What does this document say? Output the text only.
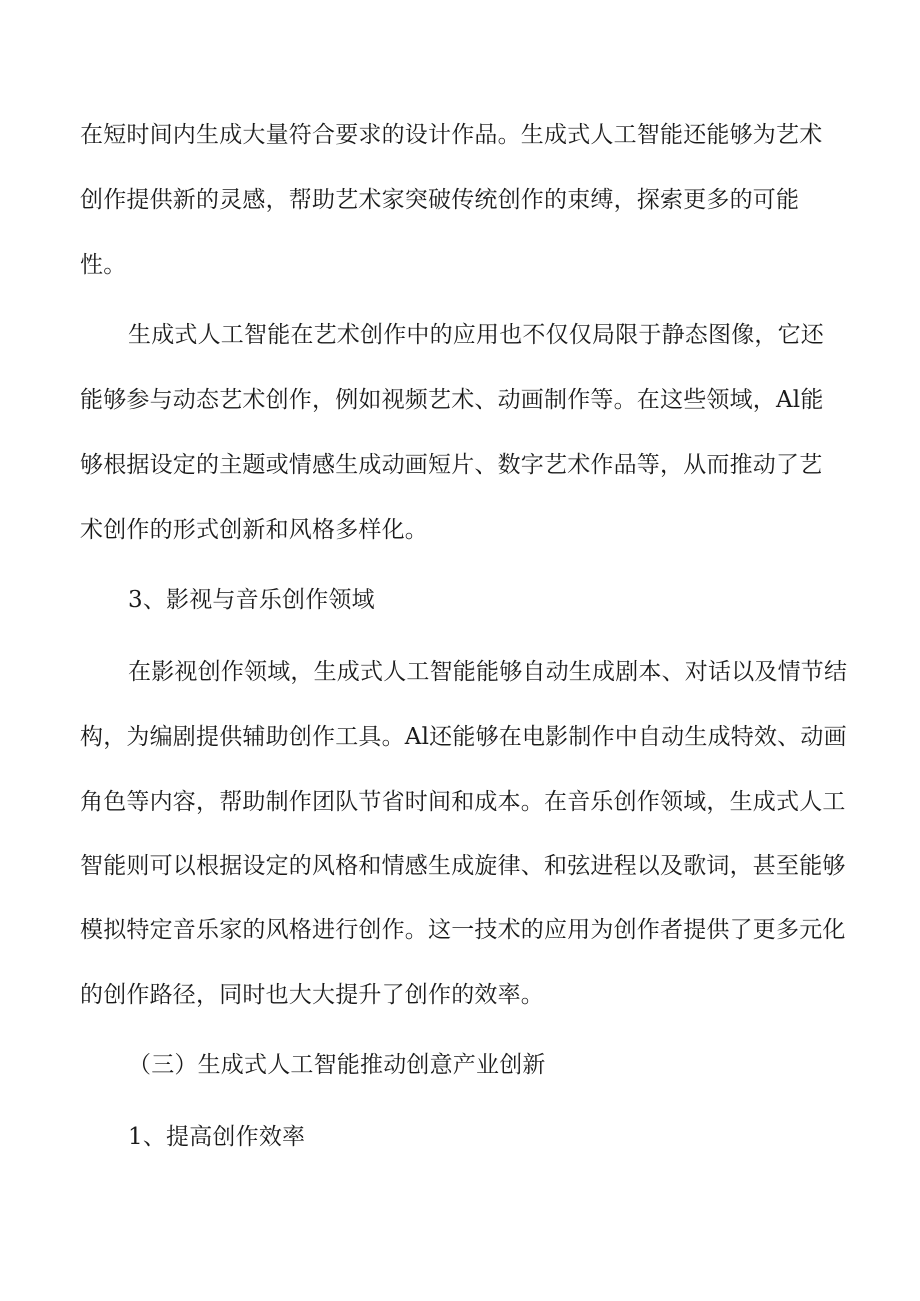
在短时间内生成大量符合要求的设计作品。生成式人工智能还能够为艺术
创作提供新的灵感，帮助艺术家突破传统创作的束缚，探索更多的可能
性。
生成式人工智能在艺术创作中的应用也不仅仅局限于静态图像，它还
能够参与动态艺术创作，例如视频艺术、动画制作等。在这些领域，Al能
够根据设定的主题或情感生成动画短片、数字艺术作品等，从而推动了艺
术创作的形式创新和风格多样化。
3、影视与音乐创作领域
在影视创作领域，生成式人工智能能够自动生成剧本、对话以及情节结
构，为编剧提供辅助创作工具。Al还能够在电影制作中自动生成特效、动画
角色等内容，帮助制作团队节省时间和成本。在音乐创作领域，生成式人工
智能则可以根据设定的风格和情感生成旋律、和弦进程以及歌词，甚至能够
模拟特定音乐家的风格进行创作。这一技术的应用为创作者提供了更多元化
的创作路径，同时也大大提升了创作的效率。
（三）生成式人工智能推动创意产业创新
1、提高创作效率
